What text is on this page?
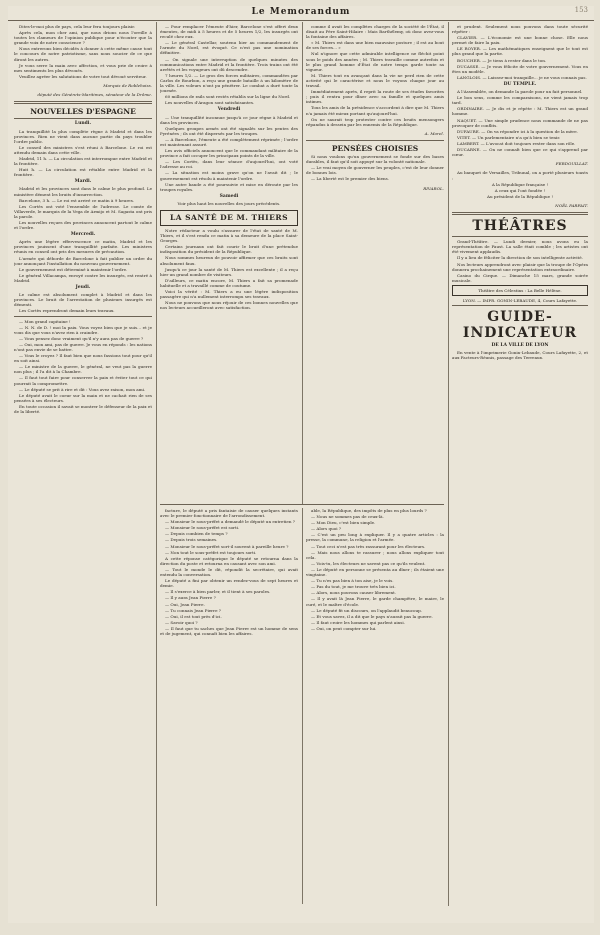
Le Memorandum	153

Dites-le-moi plus de pays, cela leur fera toujours plaisir.

Après cela, mon cher ami, que nous drions nous l'oreille à toutes les clameurs de l'opinion publique pour n'écouter que la grande voix de notre conscience ?

Nous entrerons bien décidés à donner à cette même cause tout le concours de notre patriotisme, sans nous soucier de ce que diront les autres.

Je vous serre la main avec affection, et vous prie de croire à mes sentiments les plus dévoués.

Veuillez agréer les salutations de votre tout dévoué serviteur.

Marquis de Roblehoiss.

député des Générets-Maritimes, sénateur de la Drôme.

NOUVELLES D'ESPAGNE
Lundi.

La tranquillité la plus complète règne à Madrid et dans les provinces. Rien ne vient dans aucune partie du pays troubler l'ordre public.

Le conseil des ministres s'est réuni à Barcelone. Le roi est attendu demain dans cette ville.

Madrid, 11 h. — La circulation est interrompue entre Madrid et la frontière.

Huit h. — La circulation est rétablie entre Madrid et la frontière.

Mardi.

Madrid et les provinces sont dans le calme le plus profond. Le ministère dément les bruits d'insurrection.

Barcelone, 3 h. — Le roi est arrivé ce matin à 9 heures.

Les Cortès ont voté l'ensemble de l'adresse. Le comte de Villaverde, le marquis de la Vega de Armijo et M. Sagasta ont pris la parole.

Les nouvelles reçues des provinces annoncent partout le calme et l'ordre.

Mercredi.

Après une légère effervescence ce matin, Madrid et les provinces jouissent d'une tranquillité parfaite. Les ministres réunis en conseil ont pris des mesures de précaution.

L'armée qui déborde de Barcelone à fait publier un ordre du jour annonçant l'installation du nouveau gouvernement.

Le gouvernement est déterminé à maintenir l'ordre.

Le général Villacampa, envoyé contre les insurgés, est rentré à Madrid.

Jeudi.

Le calme est absolument complet à Madrid et dans les provinces. Le bruit de l'arrestation de plusieurs insurgés est démenti.

Les Cortès reprendront demain leurs travaux.

— Mon grand capitaine !

— N. N. de D. ! moi la paix. Vous voyez bien que je suis... et je vous dis que vous n'avez rien à craindre.

— Vous pensez donc vraiment qu'il n'y aura pas de guerre ?

— Oui, mon ami, pas de guerre. Je vous en réponds : les nations n'ont pas envie de se battre.

— Vous le croyez ? Il faut bien que nous fassions tout pour qu'il en soit ainsi.

— Le ministre de la guerre, le général, ne veut pas la guerre non plus ; il l'a dit à la Chambre.

— Il faut tout faire pour conserver la paix et éviter tout ce qui pourrait la compromettre.

— Le député se prit à rire et dit : Vous avez raison, mon ami.

Le député avait le coeur sur la main et ne cachait rien de ses pensées à ses électeurs.

En toute occasion il savait se montrer le défenseur de la paix et de la liberté.

— Pour remplacer l'émeute d'hier, Barcelone s'est offert deux émeutes, de midi à 5 heures et de 5 heures 1/2, les insurgés ont reculé chez eux.

— Le général Castellar, soutenu hier au commandement de l'armée du Nord, est évoqué. Ce n'est pas une nomination définitive.

— On signale une interruption de quelques minutes des communications entre Madrid et la frontière. Trois trains ont été arrêtés et les voyageurs ont dû descendre.

7 heures 1/2. — Le gros des forces militaires, commandées par Carlos de Bourbon, a reçu une grande bataille à un kilomètre de la ville. Les voleurs n'ont pu pénétrer. Le combat a duré toute la journée.

60 millions de rails sont restés rétablis sur la ligne du Nord.

Les nouvelles d'Aragon sont satisfaisantes.

Vendredi

— Une tranquillité inconnue jusqu'à ce jour règne à Madrid et dans les provinces.

Quelques groupes armés ont été signalés sur les pentes des Pyrénées ; ils ont été dispersés par les troupes.

— A Barcelone, l'émeute a été complètement réprimée ; l'ordre est maintenant assuré.

Les avis officiels annoncent que le commandant militaire de la province a fait occuper les principaux points de la ville.

— Les Cortès, dans leur séance d'aujourd'hui, ont voté l'adresse au roi.

— La situation est moins grave qu'on ne l'avait dit ; le gouvernement est résolu à maintenir l'ordre.

Une autre bande a été poursuivie et mise en déroute par les troupes royales.

Samedi

Voir plus haut les nouvelles des jours précédents.

LA SANTÉ DE M. THIERS

Notre rédacteur a voulu s'assurer de l'état de santé de M. Thiers, et il s'est rendu ce matin à sa demeure de la place Saint-Georges.

Certains journaux ont fait courir le bruit d'une prétendue indisposition du président de la République.

Nous sommes heureux de pouvoir affirmer que ces bruits sont absolument faux.

Jusqu'à ce jour la santé de M. Thiers est excellente ; il a reçu hier un grand nombre de visiteurs.

D'ailleurs, ce matin encore, M. Thiers a fait sa promenade habituelle et a travaillé comme de coutume.

Voici la vérité : M. Thiers a eu une légère indisposition passagère qui n'a nullement interrompu ses travaux.

Nous ne pouvons que nous réjouir de ces bonnes nouvelles que nos lecteurs accueilleront avec satisfaction.

comme il avait les complètes charges de la société de l'État, il disait au Père Saint-Hilaire : Mais Barthélemy, où donc avez-vous la fontaine des affaires.

« M. Thiers est dans une bien mauvaise posture ; il est au bout de ses forces... »

Nul n'ignore que cette admirable intelligence ne fléchit point sous le poids des années ; M. Thiers travaille comme autrefois et le plus grand homme d'État de notre temps garde toute sa vigueur.

M. Thiers tout en avançant dans la vie ne perd rien de cette activité qui le caractérise et nous le voyons chaque jour au travail.

Immédiatement après, il reprit la route de ses études favorites ; puis il rentra pour dîner avec sa famille et quelques amis intimes.

Tous les amis de la présidence s'accordent à dire que M. Thiers n'a jamais été mieux portant qu'aujourd'hui.

On ne saurait trop protester contre ces bruits mensongers répandus à dessein par les ennemis de la République.

A. Morel.

PENSÉES CHOISIES

Si nous voulons qu'un gouvernement se fonde sur des bases durables, il faut qu'il soit appuyé sur la volonté nationale.

— Le vrai moyen de gouverner les peuples, c'est de leur donner de bonnes lois.

— La liberté est le premier des biens.

RIVAROL.

et prudent. Seulement nous pouvons dans toute sécurité répéter :

CLAVIER. — L'économie est une bonne chose. Elle nous permet de faire la paix.

LE ROYER. — Les mathématiques enseignent que le tout est plus grand que la partie.

BOUCHER. — Je tiens à rester dans le ton.

DUCASSE. — Je vous félicite de votre gouvernement. Vous en êtes un modèle.

LANGLOIS. — Laissez-moi tranquille... je ne vous connais pas.

DU TEMPLE.

A l'Assemblée, on demande la parole pour un fait personnel.

Le bon sens, comme les comparaisons, ne vient jamais trop tard.

ORDINAIRE. — Je dis et je répète : M. Thiers est un grand homme.

NAQUET. — Une simple prudence nous commande de ne pas provoquer de conflits.

DUFAURE. — On va répondre ici à la question de la mère.

VITET. — Un parlementaire n'a qu'à bien se tenir.

LAMBERT. — L'avocat doit toujours rester dans son rôle.

DUCARNE. — On ne connaît bien que ce qui s'apprend par cœur.

FERDOUILLAT.

Au banquet de Versailles, Tribunal, on a porté plusieurs toasts :

A la République française !

A ceux qui l'ont fondée !

Au président de la République !

NOËL PARFAIT.

THÉÂTRES

Grand-Théâtre. — Lundi dernier, nous avons eu la représentation de Faust. La salle était comble ; les artistes ont été vivement applaudis.

Il y a lieu de féliciter la direction de son intelligente activité.

Nos lecteurs apprendront avec plaisir que la troupe de l'Opéra donnera prochainement une représentation extraordinaire.

Casino du Cirque. — Dimanche 15 mars, grande soirée musicale.

Théâtre des Célestins : La Belle Hélène.

LYON. — IMPR. GONIN-LEBAUDE, 4, Cours Lafayette.

GUIDE-INDICATEUR
DE LA VILLE DE LYON

En vente à l'imprimerie Gonin-Lebaude, Cours Lafayette, 2, et aux Facteurs-Réunis, passage des Terreaux.

facture, le député a pris fantaisie de causer quelques instants avec le premier fonctionnaire de l'arrondissement.

— Monsieur le sous-préfet a demandé le député un entretien ?

— Monsieur le sous-préfet est sorti.

— Depuis combien de temps ?

— Depuis trois semaines.

— Monsieur le sous-préfet sort-il souvent à pareille heure ?

— Non tout le sous-préfet est toujours sorti.

A cette réponse catégorique le député se retourna dans la direction du poste et retourna en causant avec son ami.

— Tout le monde le dit, répondit la secrétaire, qui avait entendu la conversation.

Le député a fini par obtenir un rendez-vous de sept heures et demie.

— Il s'exerce à bien parler, et il tient à ses paroles.

— Il y aura Jean Pierre ?

— Oui, Jean Pierre.

— Tu connais Jean Pierre ?

— Oui, il est tout près d'ici.

— Savoir quoi ?

— Il faut que tu saches que Jean Pierre est un homme de sens et de jugement, qui connaît bien les affaires.

able, la République, des impôts de plus en plus lourds ?

— Nous ne sommes pas de ceux-là.

— Mon Dieu, c'est bien simple.

— Alors quoi ?

— C'est un peu long à expliquer. Il y a quatre articles : la presse, la commune, la religion et l'armée.

— Tout ceci n'est pas très rassurant pour les électeurs.

— Mais nous allons te rassurer ; nous allons expliquer tout cela.

— Vois-tu, les électeurs ne savent pas ce qu'ils veulent.

— Le député en personne se présenta au dîner ; ils étaient une vingtaine.

— Tu n'es pas bien à ton aise, je le vois.

— Pas du tout, je me trouve très bien ici.

— Alors, nous pouvons causer librement.

— Il y avait là Jean Pierre, le garde champêtre, le maire, le curé, et le maître d'école.

— Le député fit un discours, on l'applaudit beaucoup.

— Et vous savez, il a dit que le pays n'aurait pas la guerre.

— Il faut croire les hommes qui parlent ainsi.

— Oui, on peut compter sur lui.
